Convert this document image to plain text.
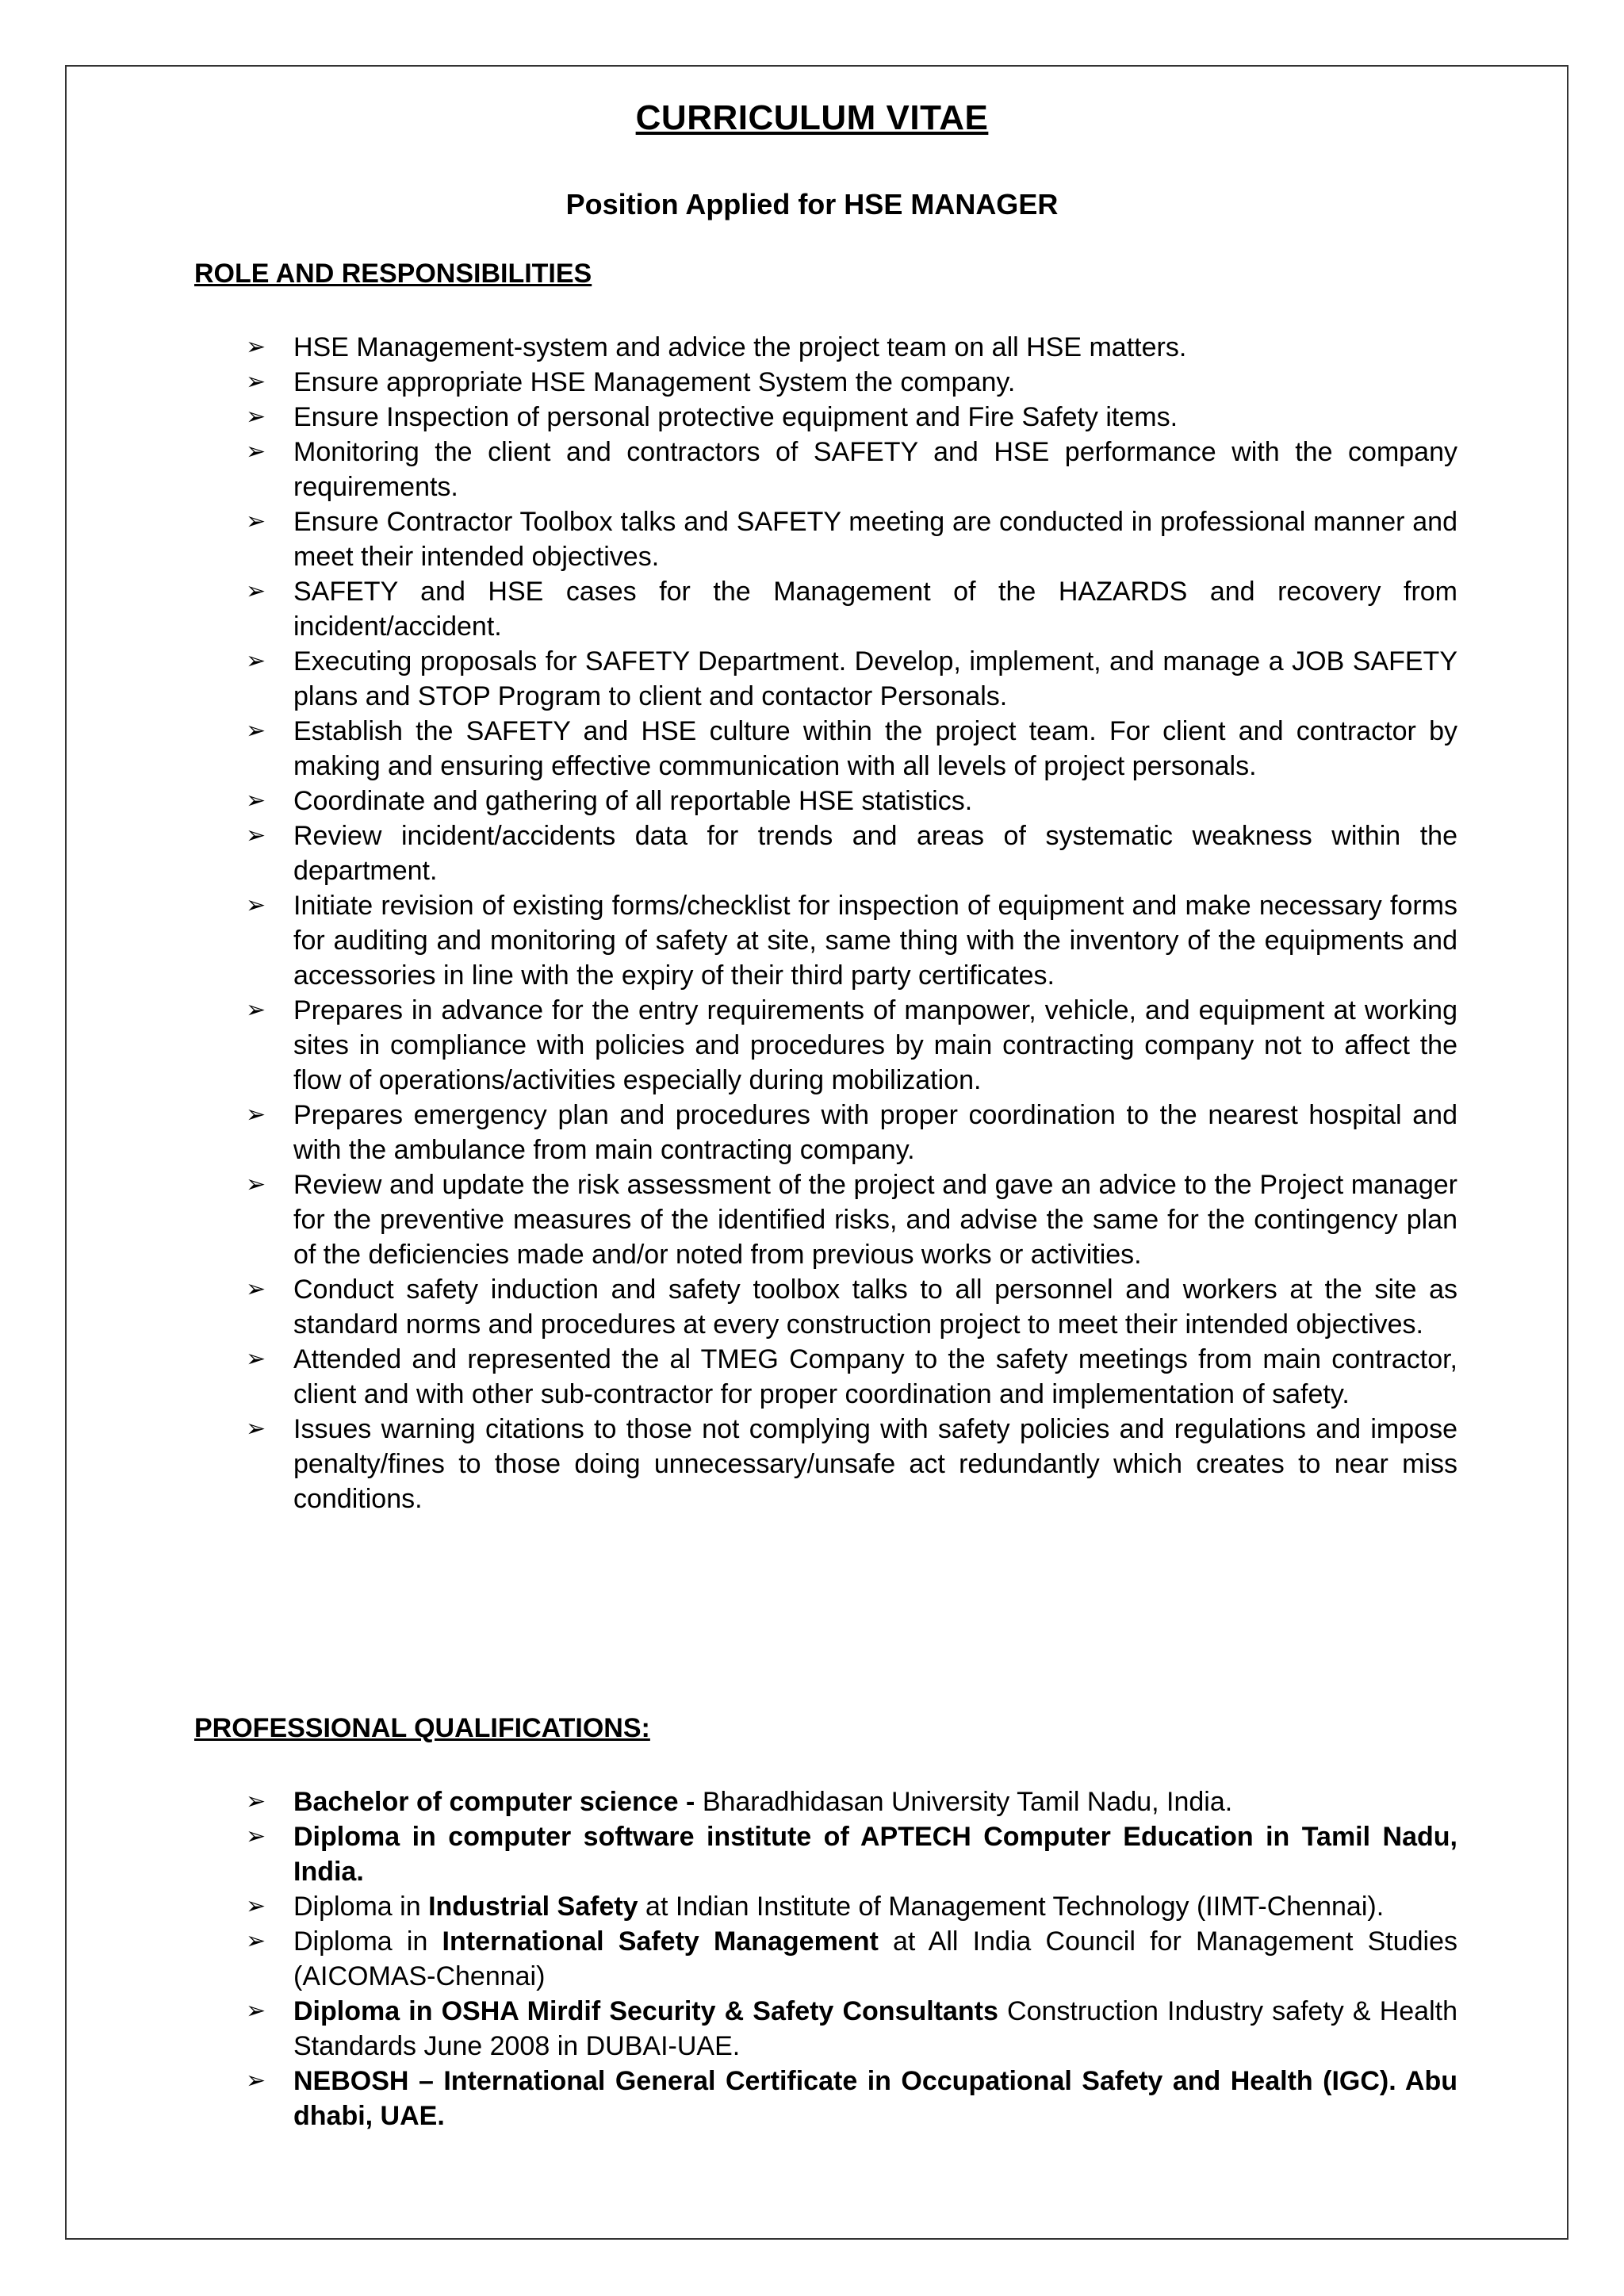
CURRICULUM VITAE
Position Applied for HSE MANAGER
ROLE AND RESPONSIBILITIES
➢ HSE Management-system and advice the project team on all HSE matters.
➢ Ensure appropriate HSE Management System the company.
➢ Ensure Inspection of personal protective equipment and Fire Safety items.
➢ Monitoring the client and contractors of SAFETY and HSE performance with the company requirements.
➢ Ensure Contractor Toolbox talks and SAFETY meeting are conducted in professional manner and meet their intended objectives.
➢ SAFETY and HSE cases for the Management of the HAZARDS and recovery from incident/accident.
➢ Executing proposals for SAFETY Department. Develop, implement, and manage a JOB SAFETY plans and STOP Program to client and contactor Personals.
➢ Establish the SAFETY and HSE culture within the project team. For client and contractor by making and ensuring effective communication with all levels of project personals.
➢ Coordinate and gathering of all reportable HSE statistics.
➢ Review incident/accidents data for trends and areas of systematic weakness within the department.
➢ Initiate revision of existing forms/checklist for inspection of equipment and make necessary forms for auditing and monitoring of safety at site, same thing with the inventory of the equipments and accessories in line with the expiry of their third party certificates.
➢ Prepares in advance for the entry requirements of manpower, vehicle, and equipment at working sites in compliance with policies and procedures by main contracting company not to affect the flow of operations/activities especially during mobilization.
➢ Prepares emergency plan and procedures with proper coordination to the nearest hospital and with the ambulance from main contracting company.
➢ Review and update the risk assessment of the project and gave an advice to the Project manager for the preventive measures of the identified risks, and advise the same for the contingency plan of the deficiencies made and/or noted from previous works or activities.
➢ Conduct safety induction and safety toolbox talks to all personnel and workers at the site as standard norms and procedures at every construction project to meet their intended objectives.
➢ Attended and represented the al TMEG Company to the safety meetings from main contractor, client and with other sub-contractor for proper coordination and implementation of safety.
➢ Issues warning citations to those not complying with safety policies and regulations and impose penalty/fines to those doing unnecessary/unsafe act redundantly which creates to near miss conditions.
PROFESSIONAL QUALIFICATIONS:
➢ Bachelor of computer science - Bharadhidasan University Tamil Nadu, India.
➢ Diploma in computer software institute of APTECH Computer Education in Tamil Nadu, India.
➢ Diploma in Industrial Safety at Indian Institute of Management Technology (IIMT-Chennai).
➢ Diploma in International Safety Management at All India Council for Management Studies (AICOMAS-Chennai)
➢ Diploma in OSHA Mirdif Security & Safety Consultants Construction Industry safety & Health Standards June 2008 in DUBAI-UAE.
➢ NEBOSH – International General Certificate in Occupational Safety and Health (IGC). Abu dhabi, UAE.
